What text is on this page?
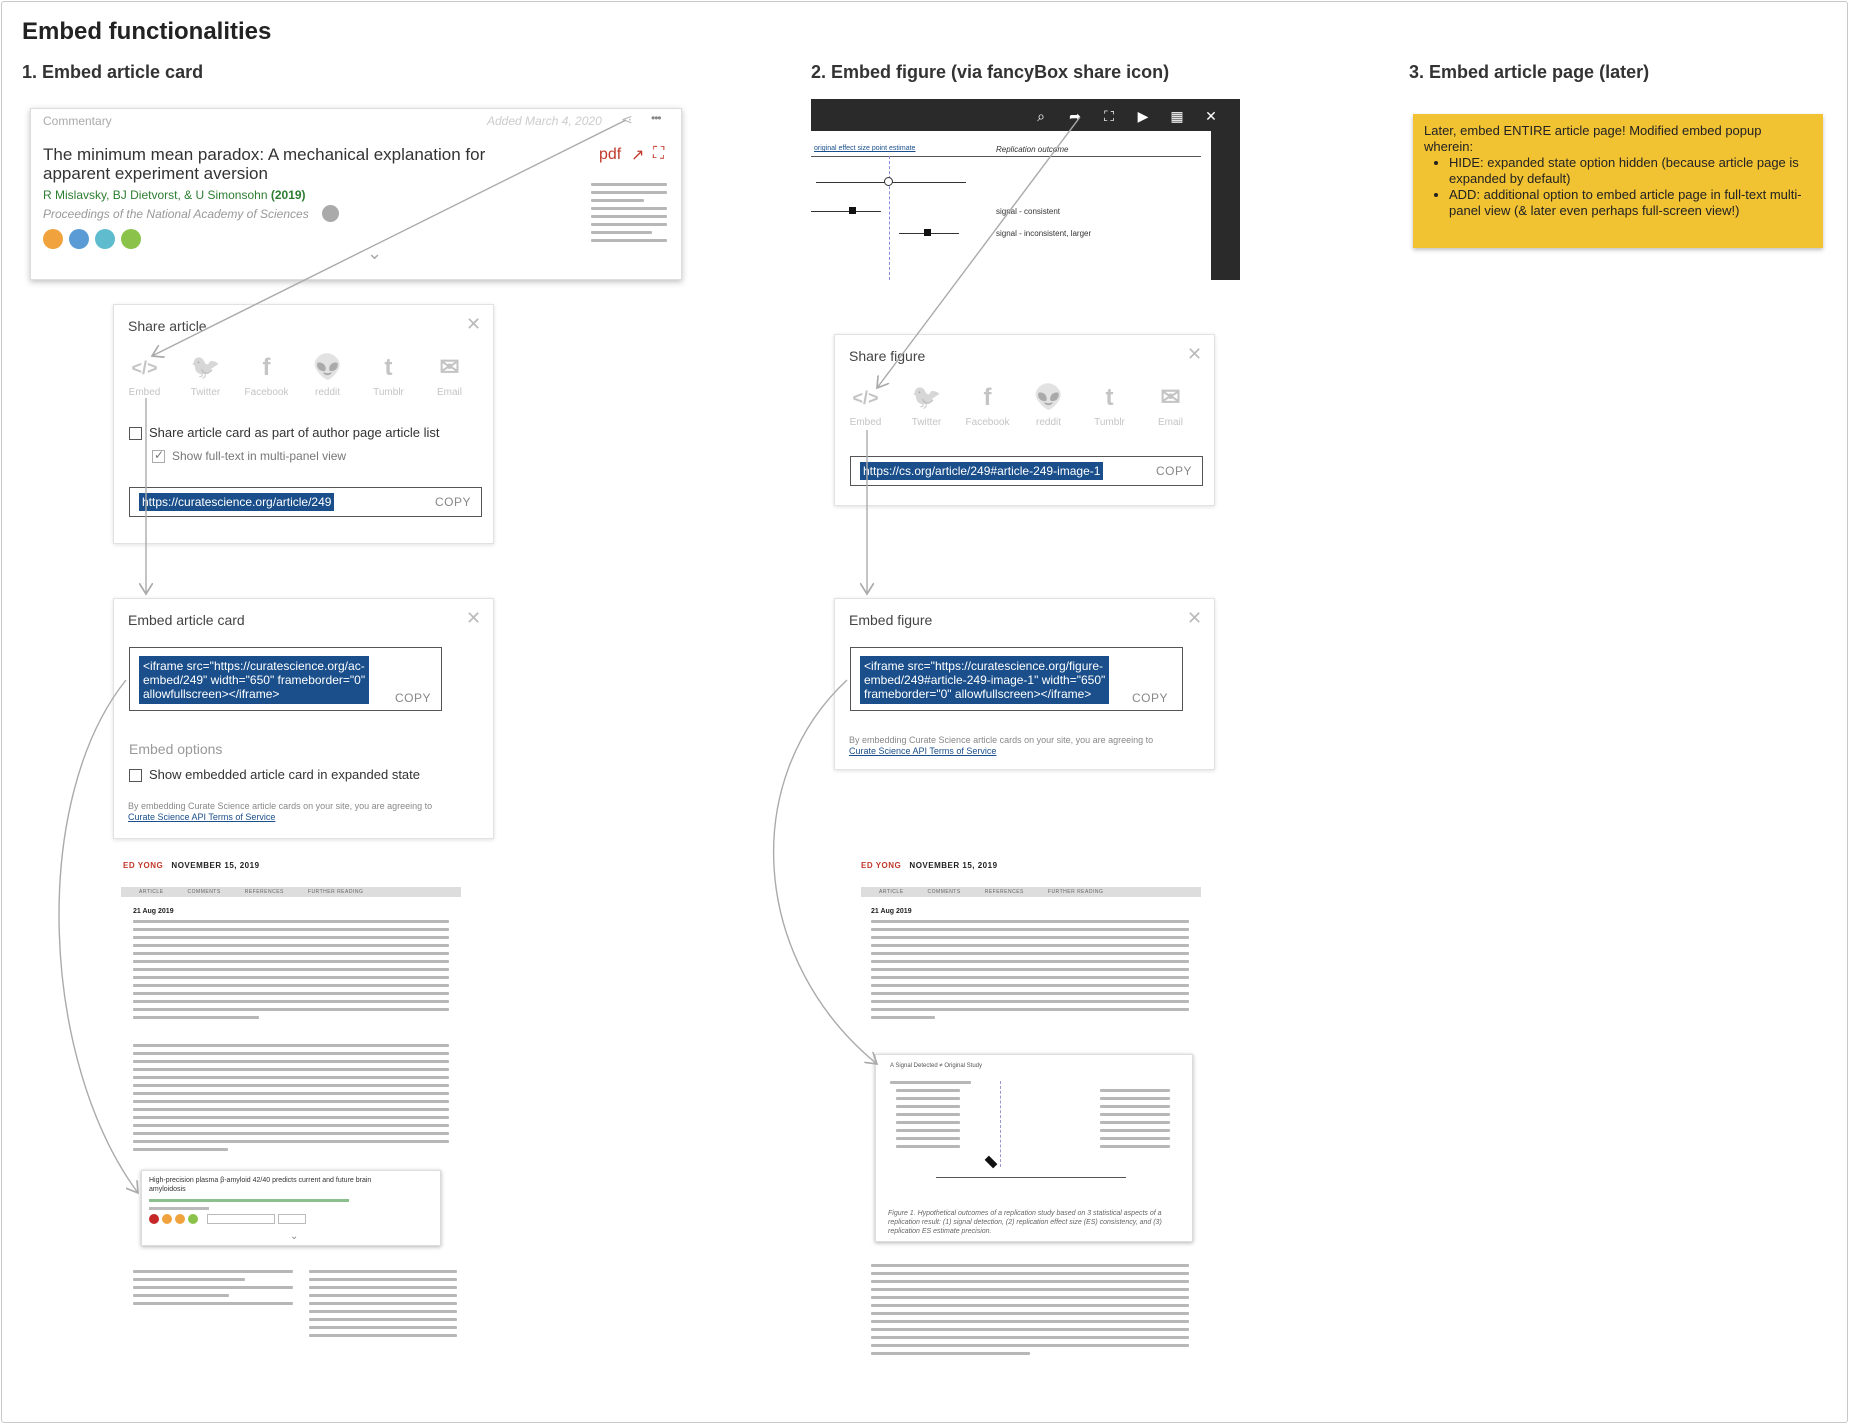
Embed functionalities
1. Embed article card	2. Embed figure (via fancyBox share icon)	3. Embed article page (later)
Commentary	Added March 4, 2020 ⋖ •••
The minimum mean paradox: A mechanical explanation for apparent experiment aversion
R Mislavsky, BJ Dietvorst, & U Simonsohn (2019)
Proceedings of the National Academy of Sciences
pdf ↗ ⛶
⌄
Share article	✕
</>
Embed
🐦
Twitter
f
Facebook
👽
reddit
t
Tumblr
✉
Email
Share article card as part of author page article list
✓Show full-text in multi-panel view
https://curatescience.org/article/249	COPY
Embed article card	✕
<iframe src="https://curatescience.org/ac-
embed/249" width="650" frameborder="0"
allowfullscreen></iframe>	COPY
Embed options
Show embedded article card in expanded state
By embedding Curate Science article cards on your site, you are agreeing to
Curate Science API Terms of Service
ED YONG NOVEMBER 15, 2019
ARTICLE	COMMENTS	REFERENCES	FURTHER READING
21 Aug 2019
High-precision plasma β-amyloid 42/40 predicts current and future brain amyloidosis
⌄
original effect size point estimate	Replication outcome
signal - consistent
signal - inconsistent, larger
⌕	➦	⛶	▶	▦	✕
Share figure	✕
</>
Embed
🐦
Twitter
f
Facebook
👽
reddit
t
Tumblr
✉
Email
https://cs.org/article/249#article-249-image-1	COPY
Embed figure	✕
<iframe src="https://curatescience.org/figure-
embed/249#article-249-image-1" width="650"
frameborder="0" allowfullscreen></iframe>	COPY
By embedding Curate Science article cards on your site, you are agreeing to
Curate Science API Terms of Service
ED YONG NOVEMBER 15, 2019
ARTICLE	COMMENTS	REFERENCES	FURTHER READING
21 Aug 2019
A Signal Detected ≠ Original Study
Figure 1. Hypothetical outcomes of a replication study based on 3 statistical aspects of a replication result: (1) signal detection, (2) replication effect size (ES) consistency, and (3) replication ES estimate precision.
Later, embed ENTIRE article page! Modified embed popup wherein:
• HIDE: expanded state option hidden (because article page is expanded by default)
• ADD: additional option to embed article page in full-text multi-panel view (& later even perhaps full-screen view!)
